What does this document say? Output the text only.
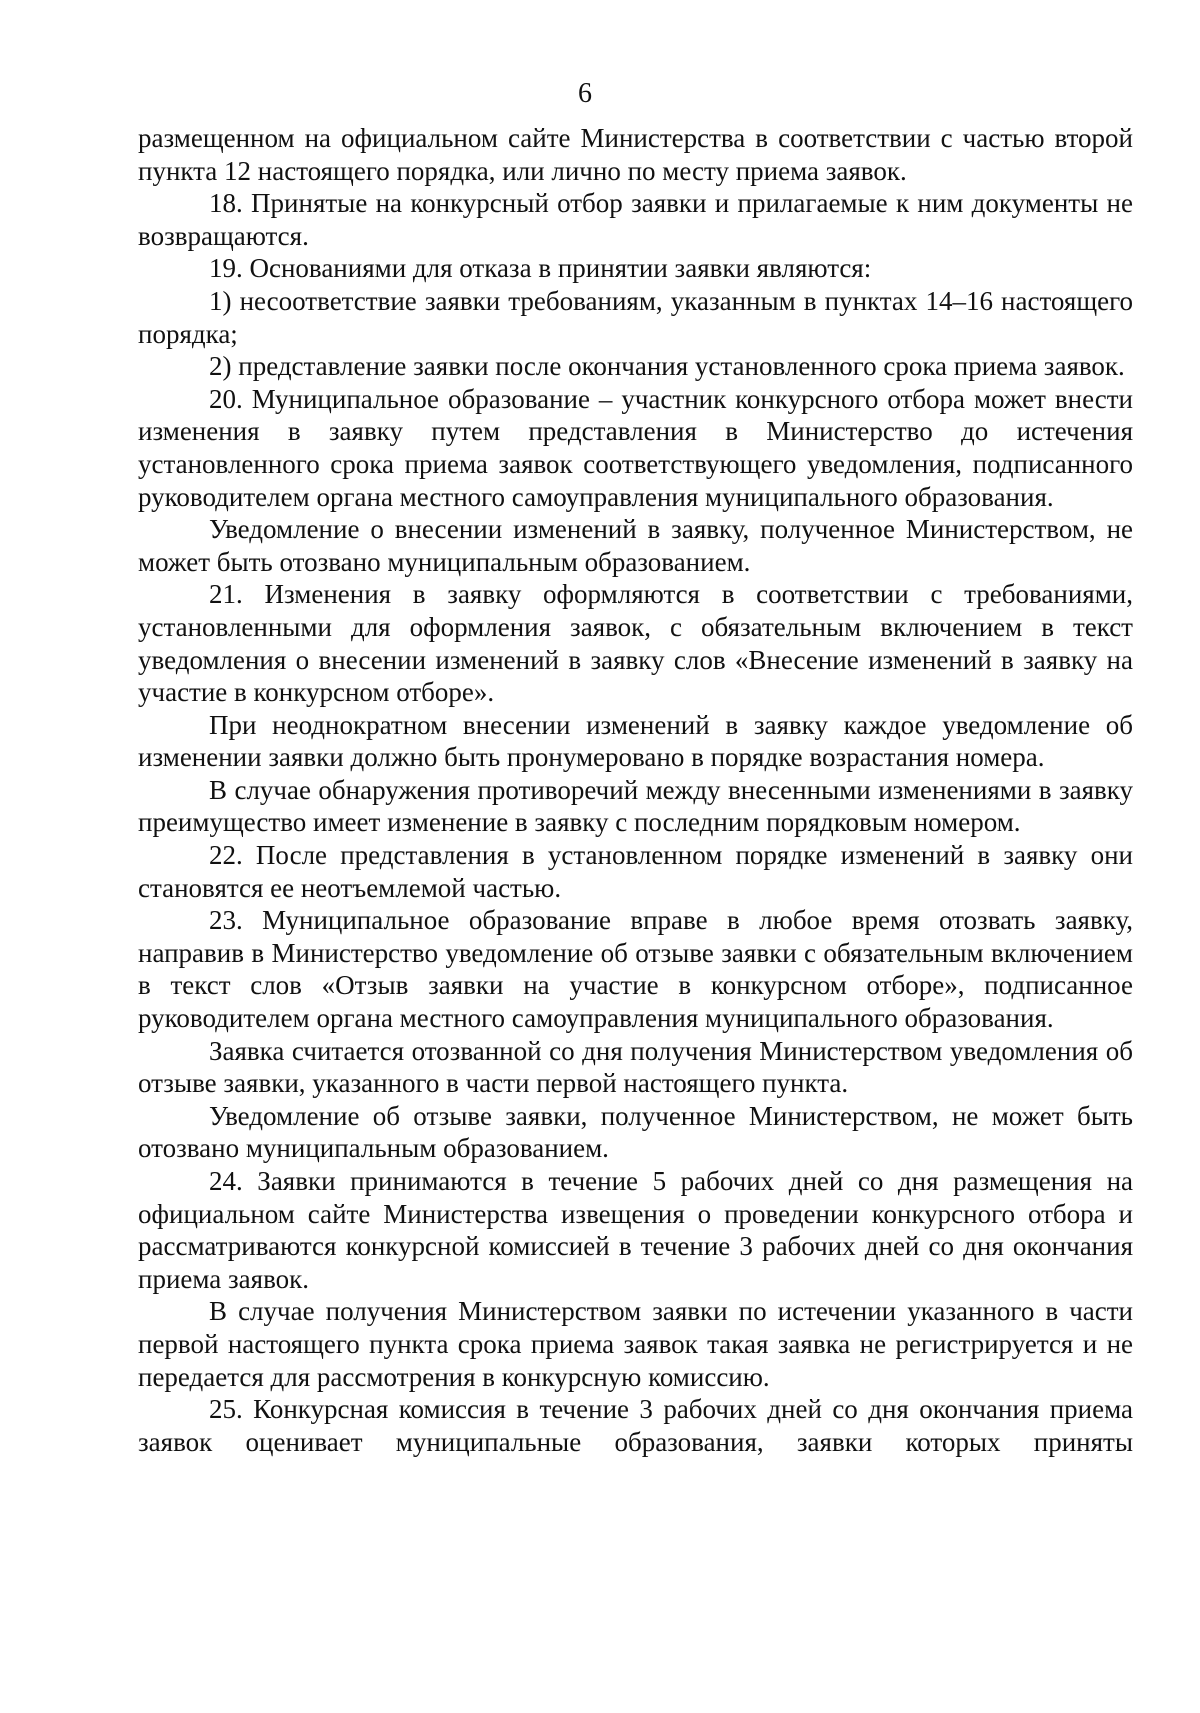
6

размещенном на официальном сайте Министерства в соответствии с частью второй пункта 12 настоящего порядка, или лично по месту приема заявок.

18. Принятые на конкурсный отбор заявки и прилагаемые к ним документы не возвращаются.

19. Основаниями для отказа в принятии заявки являются:

1) несоответствие заявки требованиям, указанным в пунктах 14–16 настоящего порядка;

2) представление заявки после окончания установленного срока приема заявок.

20. Муниципальное образование – участник конкурсного отбора может внести изменения в заявку путем представления в Министерство до истечения установленного срока приема заявок соответствующего уведомления, подписанного руководителем органа местного самоуправления муниципального образования.

Уведомление о внесении изменений в заявку, полученное Министерством, не может быть отозвано муниципальным образованием.

21. Изменения в заявку оформляются в соответствии с требованиями, установленными для оформления заявок, с обязательным включением в текст уведомления о внесении изменений в заявку слов «Внесение изменений в заявку на участие в конкурсном отборе».

При неоднократном внесении изменений в заявку каждое уведомление об изменении заявки должно быть пронумеровано в порядке возрастания номера.

В случае обнаружения противоречий между внесенными изменениями в заявку преимущество имеет изменение в заявку с последним порядковым номером.

22. После представления в установленном порядке изменений в заявку они становятся ее неотъемлемой частью.

23. Муниципальное образование вправе в любое время отозвать заявку, направив в Министерство уведомление об отзыве заявки с обязательным включением в текст слов «Отзыв заявки на участие в конкурсном отборе», подписанное руководителем органа местного самоуправления муниципального образования.

Заявка считается отозванной со дня получения Министерством уведомления об отзыве заявки, указанного в части первой настоящего пункта.

Уведомление об отзыве заявки, полученное Министерством, не может быть отозвано муниципальным образованием.

24. Заявки принимаются в течение 5 рабочих дней со дня размещения на официальном сайте Министерства извещения о проведении конкурсного отбора и рассматриваются конкурсной комиссией в течение 3 рабочих дней со дня окончания приема заявок.

В случае получения Министерством заявки по истечении указанного в части первой настоящего пункта срока приема заявок такая заявка не регистрируется и не передается для рассмотрения в конкурсную комиссию.

25. Конкурсная комиссия в течение 3 рабочих дней со дня окончания приема заявок оценивает муниципальные образования, заявки которых приняты
